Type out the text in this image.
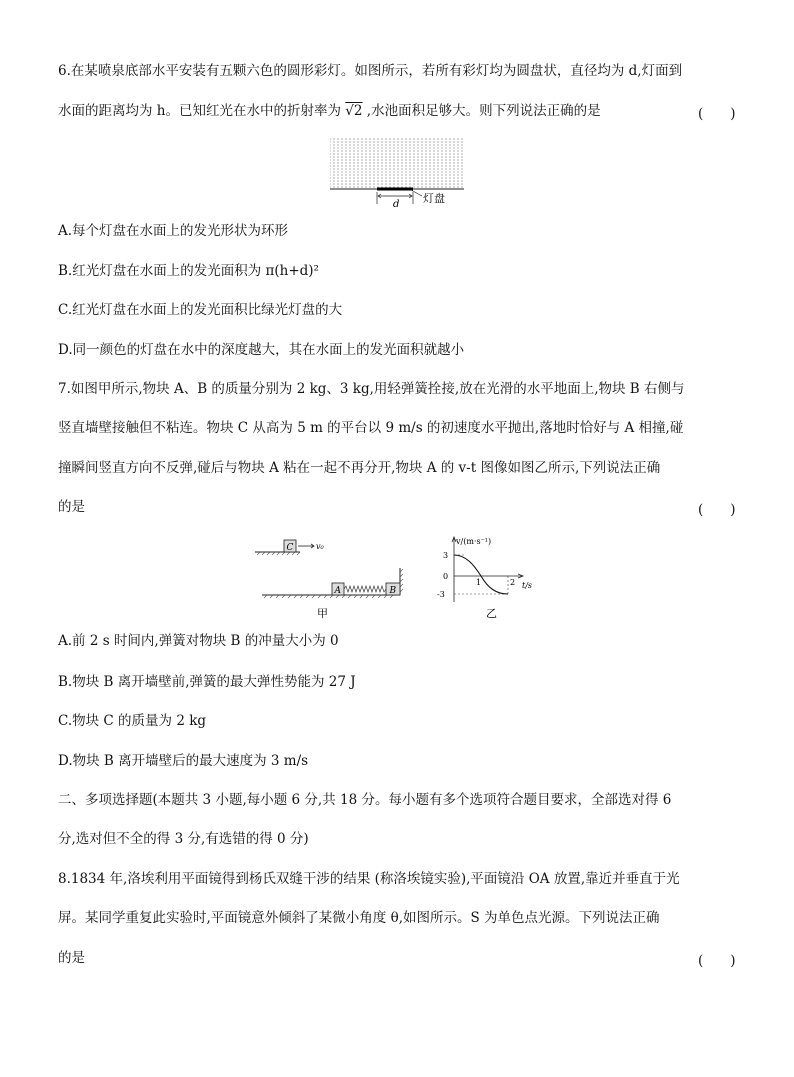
6.在某喷泉底部水平安装有五颗六色的圆形彩灯。如图所示，若所有彩灯均为圆盘状，直径均为 d,灯面到
水面的距离均为 h。已知红光在水中的折射率为 √2 ,水池面积足够大。则下列说法正确的是	(　　)
d 灯盘
A.每个灯盘在水面上的发光形状为环形
B.红光灯盘在水面上的发光面积为 π(h+d)²
C.红光灯盘在水面上的发光面积比绿光灯盘的大
D.同一颜色的灯盘在水中的深度越大，其在水面上的发光面积就越小
7.如图甲所示,物块 A、B 的质量分别为 2 kg、3 kg,用轻弹簧拴接,放在光滑的水平地面上,物块 B 右侧与
竖直墙壁接触但不粘连。物块 C 从高为 5 m 的平台以 9 m/s 的初速度水平抛出,落地时恰好与 A 相撞,碰
撞瞬间竖直方向不反弹,碰后与物块 A 粘在一起不再分开,物块 A 的 v-t 图像如图乙所示,下列说法正确
的是	(　　)
C	v₀
A	B
甲
v/(m·s⁻¹)
t/s
3
0
-3
1	2
乙
A.前 2 s 时间内,弹簧对物块 B 的冲量大小为 0
B.物块 B 离开墙壁前,弹簧的最大弹性势能为 27 J
C.物块 C 的质量为 2 kg
D.物块 B 离开墙壁后的最大速度为 3 m/s
二、多项选择题(本题共 3 小题,每小题 6 分,共 18 分。每小题有多个选项符合题目要求，全部选对得 6
分,选对但不全的得 3 分,有选错的得 0 分)
8.1834 年,洛埃利用平面镜得到杨氏双缝干涉的结果 (称洛埃镜实验),平面镜沿 OA 放置,靠近并垂直于光
屏。某同学重复此实验时,平面镜意外倾斜了某微小角度 θ,如图所示。S 为单色点光源。下列说法正确
的是	(　　)
